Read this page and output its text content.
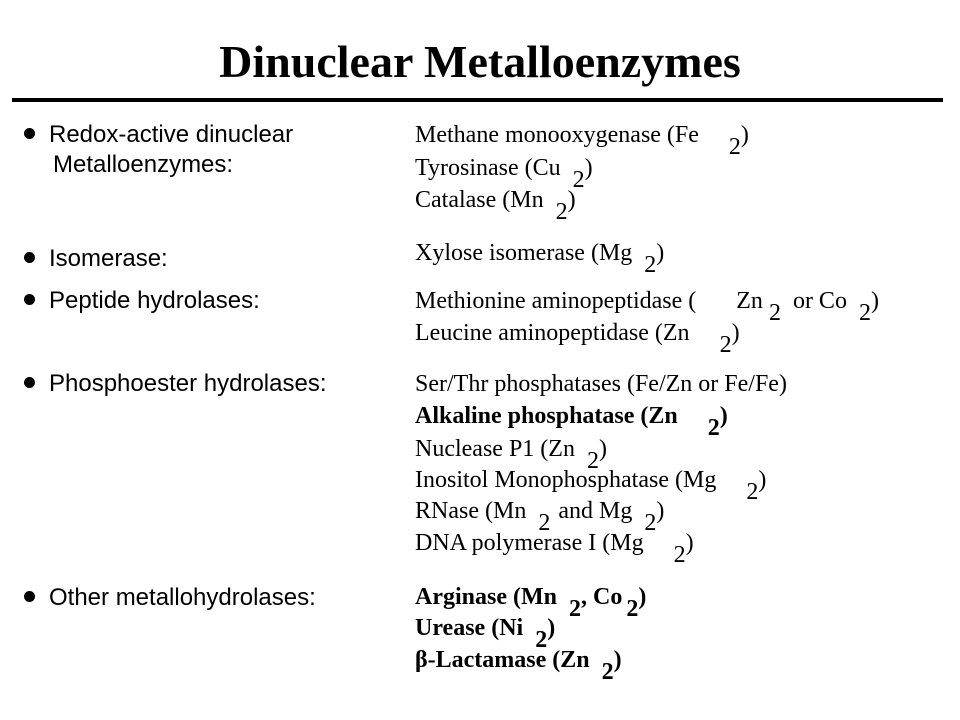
Dinuclear Metalloenzymes
Redox-active dinuclear
Metalloenzymes:
Isomerase:
Peptide hydrolases:
Phosphoester hydrolases:
Other metallohydrolases:
Methane monooxygenase (Fe 2)
Tyrosinase (Cu 2)
Catalase (Mn 2)
Xylose isomerase (Mg 2)
Methionine aminopeptidase ( Zn 2 or Co 2)
Leucine aminopeptidase (Zn 2)
Ser/Thr phosphatases (Fe/Zn or Fe/Fe)
Alkaline phosphatase (Zn 2)
Nuclease P1 (Zn 2)
Inositol Monophosphatase (Mg 2)
RNase (Mn 2 and Mg 2)
DNA polymerase I (Mg 2)
Arginase (Mn 2, Co 2)
Urease (Ni 2)
β-Lactamase (Zn 2)
